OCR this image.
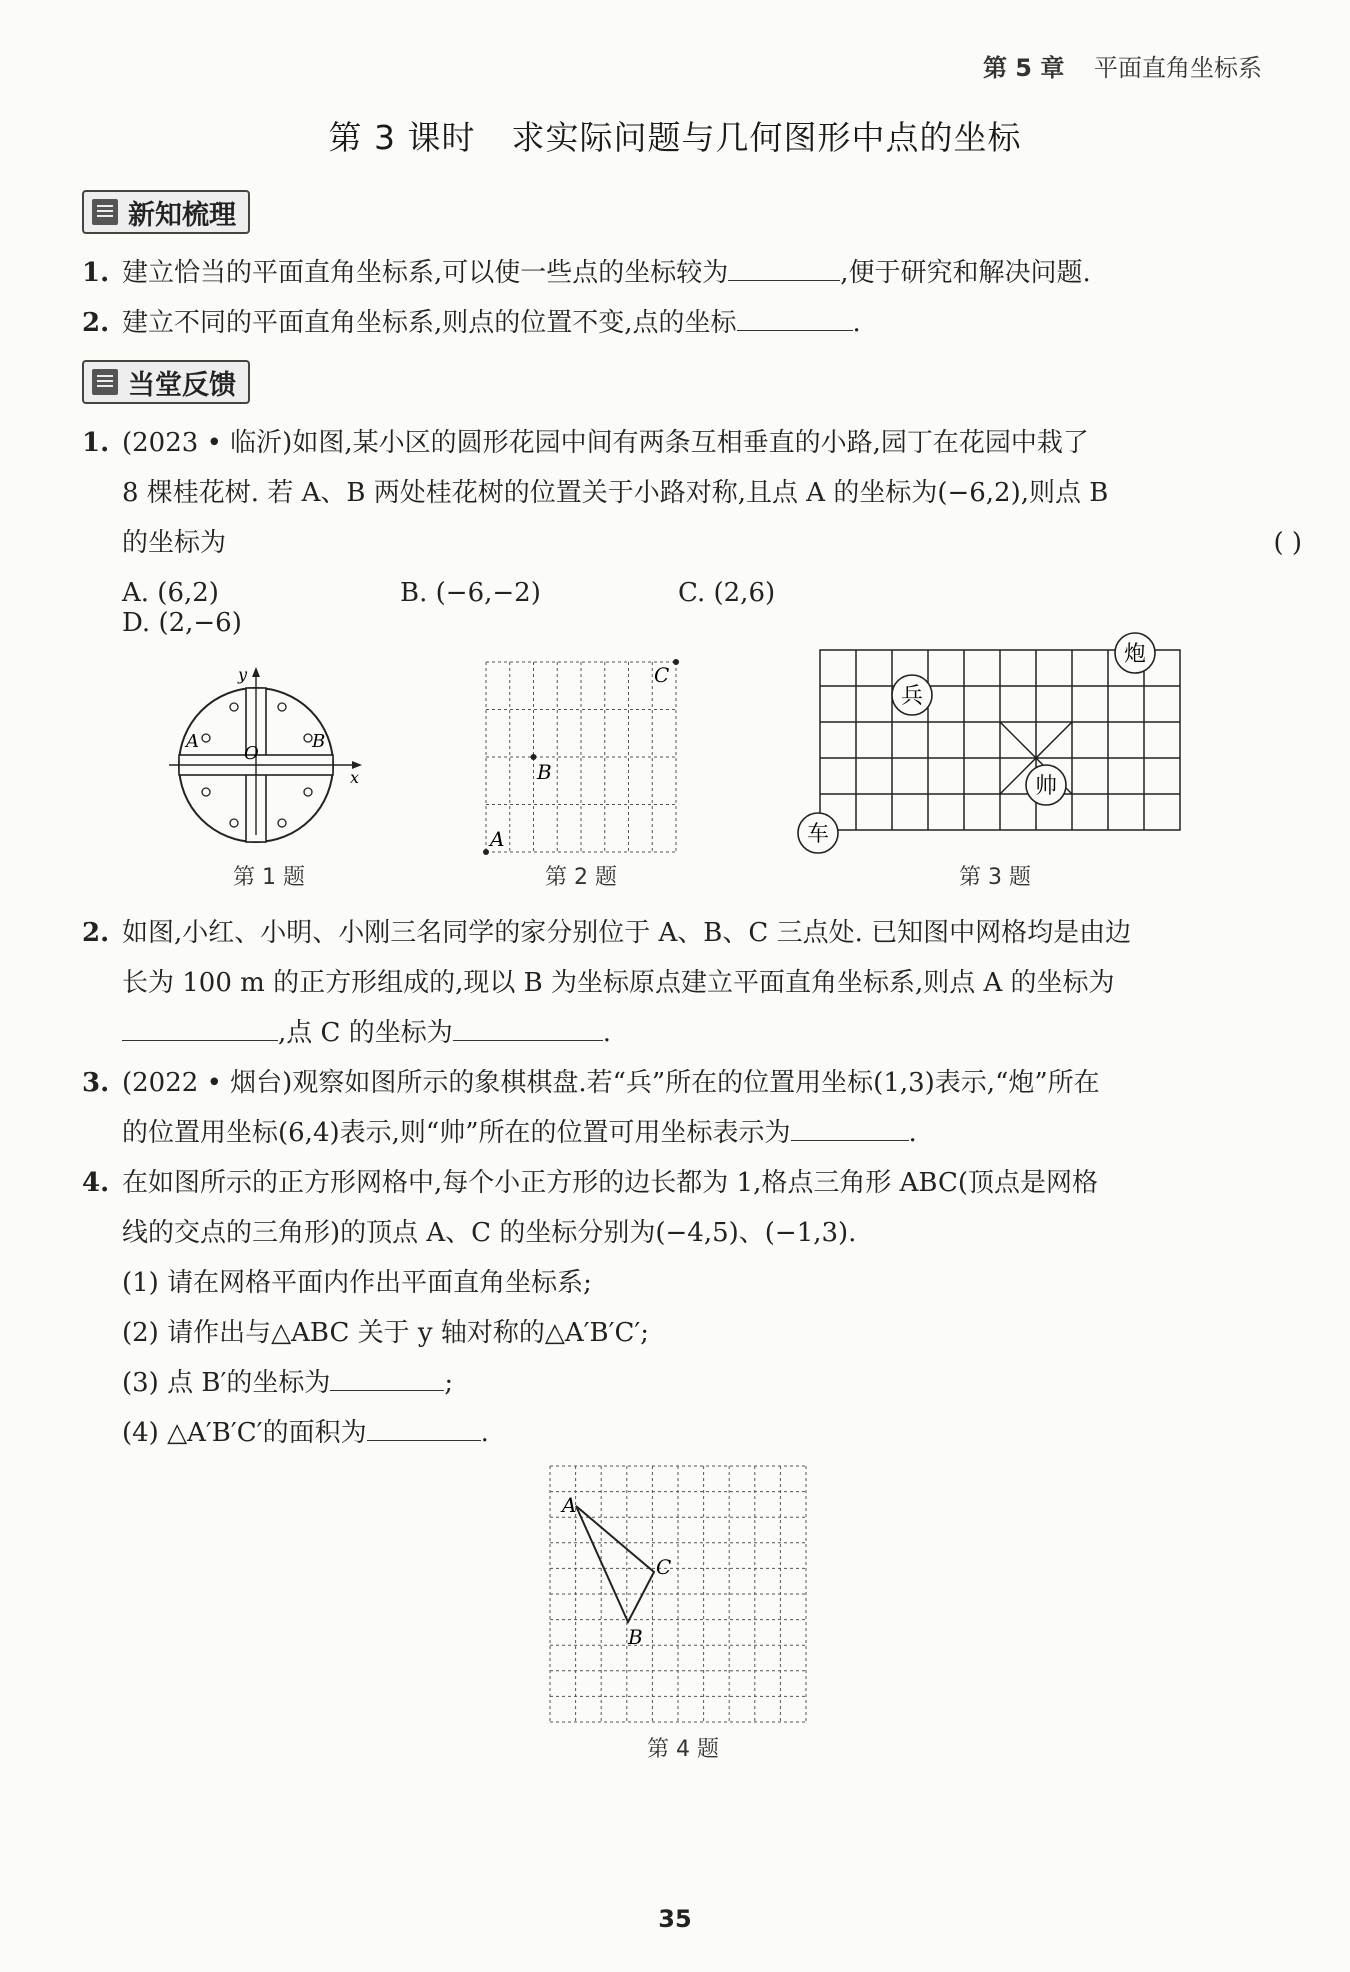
第 5 章 平面直角坐标系
第 3 课时 求实际问题与几何图形中点的坐标
新知梳理
1. 建立恰当的平面直角坐标系,可以使一些点的坐标较为	,便于研究和解决问题.
2. 建立不同的平面直角坐标系,则点的位置不变,点的坐标	.
当堂反馈
1. (2023 • 临沂)如图,某小区的圆形花园中间有两条互相垂直的小路,园丁在花园中栽了
8 棵桂花树. 若 A、B 两处桂花树的位置关于小路对称,且点 A 的坐标为(−6,2),则点 B
的坐标为	( )
A. (6,2)	B. (−6,−2)	C. (2,6)D. (2,−6)
y
x
O
A	B
第 1 题
A
B
C
第 2 题
炮
兵
帅
车
第 3 题
2. 如图,小红、小明、小刚三名同学的家分别位于 A、B、C 三点处. 已知图中网格均是由边
长为 100 m 的正方形组成的,现以 B 为坐标原点建立平面直角坐标系,则点 A 的坐标为
,点 C 的坐标为	.
3. (2022 • 烟台)观察如图所示的象棋棋盘.若“兵”所在的位置用坐标(1,3)表示,“炮”所在
的位置用坐标(6,4)表示,则“帅”所在的位置可用坐标表示为	.
4. 在如图所示的正方形网格中,每个小正方形的边长都为 1,格点三角形 ABC(顶点是网格
线的交点的三角形)的顶点 A、C 的坐标分别为(−4,5)、(−1,3).
(1) 请在网格平面内作出平面直角坐标系;
(2) 请作出与△ABC 关于 y 轴对称的△A′B′C′;
(3) 点 B′的坐标为	;
(4) △A′B′C′的面积为	.
A
C
B
第 4 题
35
